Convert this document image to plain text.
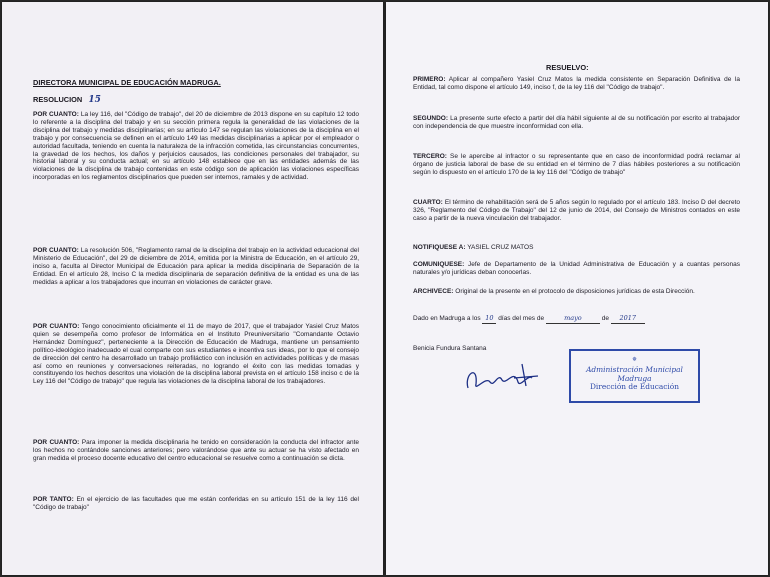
DIRECTORA MUNICIPAL DE EDUCACIÓN MADRUGA.

RESOLUCION 15

POR CUANTO: La ley 116, del "Código de trabajo", del 20 de diciembre de 2013 dispone en su capítulo 12 todo lo referente a la disciplina del trabajo y en su sección primera regula la generalidad de las violaciones de la disciplina del trabajo y medidas disciplinarias; en su artículo 147 se regulan las violaciones de la disciplina en el trabajo y por consecuencia se definen en el artículo 149 las medidas disciplinarias a aplicar por el empleador o autoridad facultada, teniendo en cuenta la naturaleza de la infracción cometida, las circunstancias concurrentes, la gravedad de los hechos, los daños y perjuicios causados, las condiciones personales del trabajador, su historial laboral y su conducta actual; en su artículo 148 establece que en las entidades además de las violaciones de la disciplina de trabajo contenidas en este código son de aplicación las violaciones específicas incorporadas en los reglamentos disciplinarios que pueden ser internos, ramales y de actividad.

POR CUANTO: La resolución 506, "Reglamento ramal de la disciplina del trabajo en la actividad educacional del Ministerio de Educación", del 29 de diciembre de 2014, emitida por la Ministra de Educación, en el artículo 29, inciso a, faculta al Director Municipal de Educación para aplicar la medida disciplinaria de Separación de la Entidad. En el artículo 28, Inciso C la medida disciplinaria de separación definitiva de la entidad es una de las medidas a aplicar a los trabajadores que incurran en violaciones de carácter grave.

POR CUANTO: Tengo conocimiento oficialmente el 11 de mayo de 2017, que el trabajador Yasiel Cruz Matos quien se desempeña como profesor de Informática en el Instituto Preuniversitario "Comandante Octavio Hernández Domínguez", perteneciente a la Dirección de Educación de Madruga, mantiene un pensamiento político-ideológico inadecuado el cual comparte con sus estudiantes e incentiva sus ideas, por lo que el consejo de dirección del centro ha desarrollado un trabajo profiláctico con inclusión en actividades políticas y de masas así como en reuniones y conversaciones reiteradas, no logrando el éxito con las medidas tomadas y constituyendo los hechos descritos una violación de la disciplina laboral prevista en el artículo 158 inciso c de la Ley 116 del "Código de trabajo" que regula las violaciones de la disciplina laboral de los trabajadores.

POR CUANTO: Para imponer la medida disciplinaria he tenido en consideración la conducta del infractor ante los hechos no contándole sanciones anteriores; pero valorándose que ante su actuar se ha visto afectado en gran medida el proceso docente educativo del centro educacional se resuelve como a continuación se dicta.

POR TANTO: En el ejercicio de las facultades que me están conferidas en su artículo 151 de la ley 116 del "Código de trabajo"

RESUELVO:

PRIMERO: Aplicar al compañero Yasiel Cruz Matos la medida consistente en Separación Definitiva de la Entidad, tal como dispone el artículo 149, inciso f, de la ley 116 del "Código de trabajo".

SEGUNDO: La presente surte efecto a partir del día hábil siguiente al de su notificación por escrito al trabajador con independencia de que muestre inconformidad con ella.

TERCERO: Se le apercibe al infractor o su representante que en caso de inconformidad podrá reclamar al órgano de justicia laboral de base de su entidad en el término de 7 días hábiles posteriores a su notificación según lo dispuesto en el artículo 170 de la ley 116 del "Código de trabajo"

CUARTO: El término de rehabilitación será de 5 años según lo regulado por el artículo 183. Inciso D del decreto 326, "Reglamento del Código de Trabajo" del 12 de junio de 2014, del Consejo de Ministros contados en este caso a partir de la nueva vinculación del trabajador.

NOTIFIQUESE A: YASIEL CRUZ MATOS

COMUNIQUESE: Jefe de Departamento de la Unidad Administrativa de Educación y a cuantas personas naturales y/o jurídicas deban conocerlas.

ARCHIVECE: Original de la presente en el protocolo de disposiciones jurídicas de esta Dirección.

Dado en Madruga a los 10 días del mes de	mayo	de 2017

Benicia Fundura Santana

✵
Administración Municipal
Madruga
Dirección de Educación
